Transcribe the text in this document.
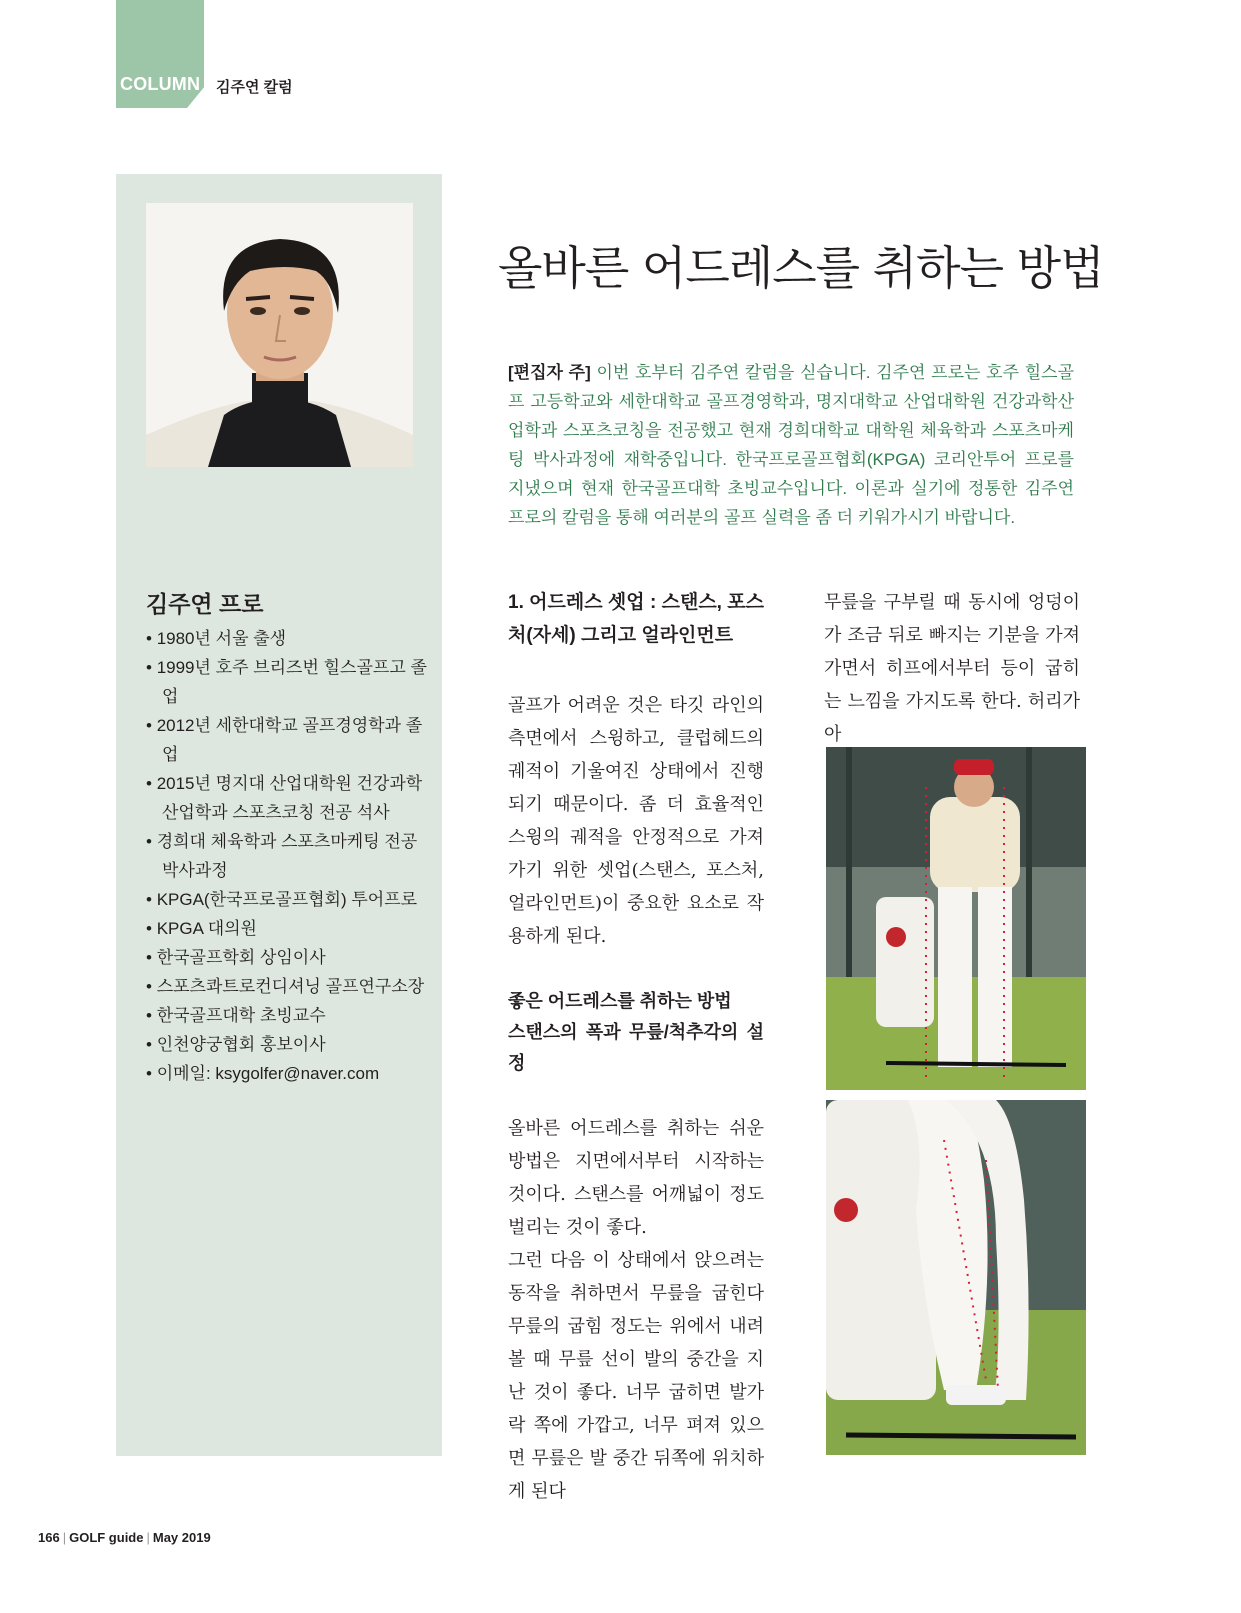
COLUMN 김주연 칼럼
김주연 프로
• 1980년 서울 출생
• 1999년 호주 브리즈번 힐스골프고 졸업
• 2012년 세한대학교 골프경영학과 졸업
• 2015년 명지대 산업대학원 건강과학산업학과 스포츠코칭 전공 석사
• 경희대 체육학과 스포츠마케팅 전공 박사과정
• KPGA(한국프로골프협회) 투어프로
• KPGA 대의원
• 한국골프학회 상임이사
• 스포츠콰트로컨디셔닝 골프연구소장
• 한국골프대학 초빙교수
• 인천양궁협회 홍보이사
• 이메일: ksygolfer@naver.com
올바른 어드레스를 취하는 방법
[편집자 주] 이번 호부터 김주연 칼럼을 싣습니다. 김주연 프로는 호주 힐스골프 고등학교와 세한대학교 골프경영학과, 명지대학교 산업대학원 건강과학산업학과 스포츠코칭을 전공했고 현재 경희대학교 대학원 체육학과 스포츠마케팅 박사과정에 재학중입니다. 한국프로골프협회(KPGA) 코리안투어 프로를 지냈으며 현재 한국골프대학 초빙교수입니다. 이론과 실기에 정통한 김주연 프로의 칼럼을 통해 여러분의 골프 실력을 좀 더 키워가시기 바랍니다.

1. 어드레스 셋업 : 스탠스, 포스처(자세) 그리고 얼라인먼트

골프가 어려운 것은 타깃 라인의 측면에서 스윙하고, 클럽헤드의 궤적이 기울여진 상태에서 진행되기 때문이다. 좀 더 효율적인 스윙의 궤적을 안정적으로 가져가기 위한 셋업(스탠스, 포스처, 얼라인먼트)이 중요한 요소로 작용하게 된다.

좋은 어드레스를 취하는 방법

스탠스의 폭과 무릎/척추각의 설정

올바른 어드레스를 취하는 쉬운 방법은 지면에서부터 시작하는 것이다. 스탠스를 어깨넓이 정도 벌리는 것이 좋다.

그런 다음 이 상태에서 앉으려는 동작을 취하면서 무릎을 굽힌다 무릎의 굽힘 정도는 위에서 내려볼 때 무릎 선이 발의 중간을 지난 것이 좋다. 너무 굽히면 발가락 쪽에 가깝고, 너무 펴져 있으면 무릎은 발 중간 뒤쪽에 위치하게 된다

무릎을 구부릴 때 동시에 엉덩이가 조금 뒤로 빠지는 기분을 가져가면서 히프에서부터 등이 굽히는 느낌을 가지도록 한다. 허리가 아

166 | GOLF guide | May 2019
